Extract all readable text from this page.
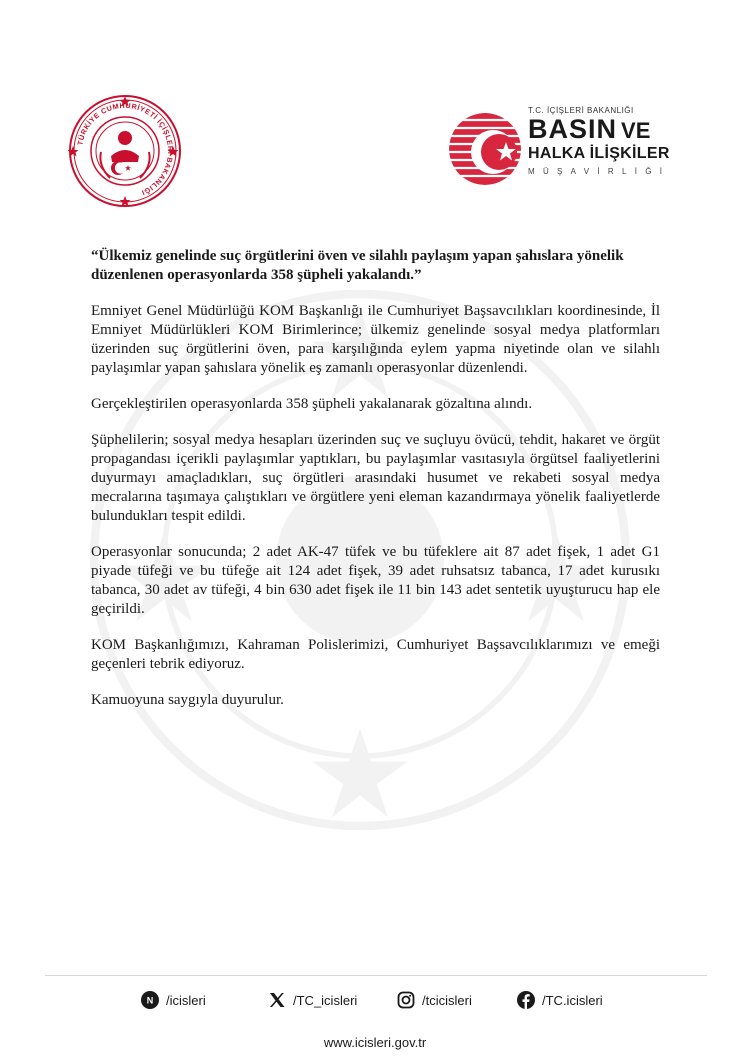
TÜRKİYE CUMHURİYETİ İÇİŞLERİ BAKANLIĞI
T.C. İÇİŞLERİ BAKANLIĞI
BASIN VE
HALKA İLİŞKİLER
MÜŞAVİRLİĞİ

“Ülkemiz genelinde suç örgütlerini öven ve silahlı paylaşım yapan şahıslara yönelik düzenlenen operasyonlarda 358 şüpheli yakalandı.”

Emniyet Genel Müdürlüğü KOM Başkanlığı ile Cumhuriyet Başsavcılıkları koordinesinde, İl Emniyet Müdürlükleri KOM Birimlerince; ülkemiz genelinde sosyal medya platformları üzerinden suç örgütlerini öven, para karşılığında eylem yapma niyetinde olan ve silahlı paylaşımlar yapan şahıslara yönelik eş zamanlı operasyonlar düzenlendi.

Gerçekleştirilen operasyonlarda 358 şüpheli yakalanarak gözaltına alındı.

Şüphelilerin; sosyal medya hesapları üzerinden suç ve suçluyu övücü, tehdit, hakaret ve örgüt propagandası içerikli paylaşımlar yaptıkları, bu paylaşımlar vasıtasıyla örgütsel faaliyetlerini duyurmayı amaçladıkları, suç örgütleri arasındaki husumet ve rekabeti sosyal medya mecralarına taşımaya çalıştıkları ve örgütlere yeni eleman kazandırmaya yönelik faaliyetlerde bulundukları tespit edildi.

Operasyonlar sonucunda; 2 adet AK-47 tüfek ve bu tüfeklere ait 87 adet fişek, 1 adet G1 piyade tüfeği ve bu tüfeğe ait 124 adet fişek, 39 adet ruhsatsız tabanca, 17 adet kurusıkı tabanca, 30 adet av tüfeği, 4 bin 630 adet fişek ile 11 bin 143 adet sentetik uyuşturucu hap ele geçirildi.

KOM Başkanlığımızı, Kahraman Polislerimizi, Cumhuriyet Başsavcılıklarımızı ve emeği geçenleri tebrik ediyoruz.

Kamuoyuna saygıyla duyurulur.

N /icisleri	/TC_icisleri	/tcicisleri	/TC.icisleri
www.icisleri.gov.tr
